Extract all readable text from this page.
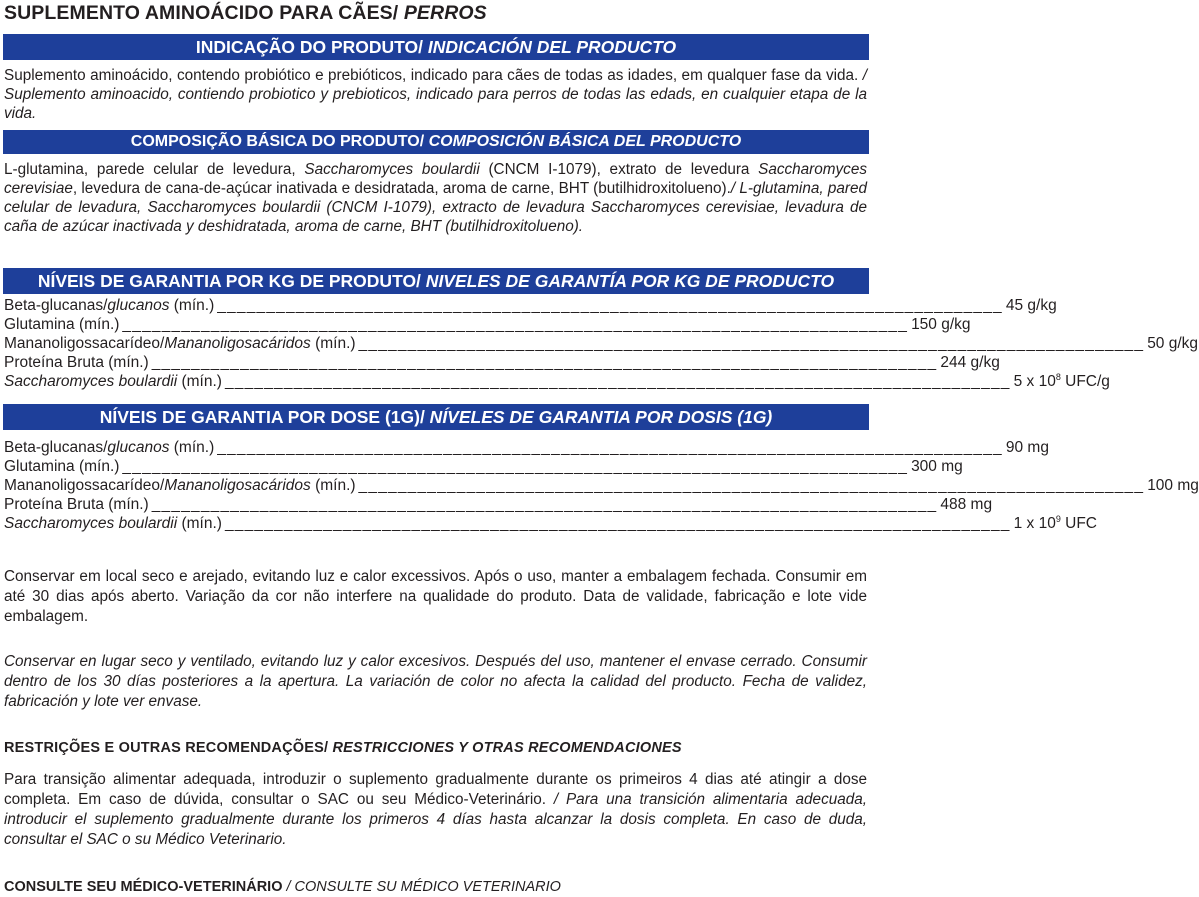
SUPLEMENTO AMINOÁCIDO PARA CÃES/ PERROS
INDICAÇÃO DO PRODUTO/ INDICACIÓN DEL PRODUCTO
Suplemento aminoácido, contendo probiótico e prebióticos, indicado para cães de todas as idades, em qualquer fase da vida. / Suplemento aminoacido, contiendo probiotico y prebioticos, indicado para perros de todas las edads, en cualquier etapa de la vida.
COMPOSIÇÃO BÁSICA DO PRODUTO/ COMPOSICIÓN BÁSICA DEL PRODUCTO
L-glutamina, parede celular de levedura, Saccharomyces boulardii (CNCM I-1079), extrato de levedura Saccharomyces cerevisiae, levedura de cana-de-açúcar inativada e desidratada, aroma de carne, BHT (butilhidroxitolueno)./ L-glutamina, pared celular de levadura, Saccharomyces boulardii (CNCM I-1079), extracto de levadura Saccharomyces cerevisiae, levadura de caña de azúcar inactivada y deshidratada, aroma de carne, BHT (butilhidroxitolueno).
NÍVEIS DE GARANTIA POR KG DE PRODUTO/ NIVELES DE GARANTÍA POR KG DE PRODUCTO
Beta-glucanas/glucanos (mín.) ________________________________________________________________________________ 45 g/kg
Glutamina (mín.) ________________________________________________________________________________ 150 g/kg
Mananoligossacarídeo/Mananoligosacáridos (mín.) ________________________________________________________________________________ 50 g/kg
Proteína Bruta (mín.) ________________________________________________________________________________ 244 g/kg
Saccharomyces boulardii (mín.) ________________________________________________________________________________ 5 x $10^8$ UFC/g
NÍVEIS DE GARANTIA POR DOSE (1G)/ NÍVELES DE GARANTIA POR DOSIS (1G)
Beta-glucanas/glucanos (mín.) ________________________________________________________________________________ 90 mg
Glutamina (mín.) ________________________________________________________________________________ 300 mg
Mananoligossacarídeo/Mananoligosacáridos (mín.) ________________________________________________________________________________ 100 mg
Proteína Bruta (mín.) ________________________________________________________________________________ 488 mg
Saccharomyces boulardii (mín.) ________________________________________________________________________________ 1 x $10^9$ UFC
Conservar em local seco e arejado, evitando luz e calor excessivos. Após o uso, manter a embalagem fechada. Consumir em até 30 dias após aberto. Variação da cor não interfere na qualidade do produto. Data de validade, fabricação e lote vide embalagem.
Conservar en lugar seco y ventilado, evitando luz y calor excesivos. Después del uso, mantener el envase cerrado. Consumir dentro de los 30 días posteriores a la apertura. La variación de color no afecta la calidad del producto. Fecha de validez, fabricación y lote ver envase.
RESTRIÇÕES E OUTRAS RECOMENDAÇÕES/ RESTRICCIONES Y OTRAS RECOMENDACIONES
Para transição alimentar adequada, introduzir o suplemento gradualmente durante os primeiros 4 dias até atingir a dose completa. Em caso de dúvida, consultar o SAC ou seu Médico-Veterinário. / Para una transición alimentaria adecuada, introducir el suplemento gradualmente durante los primeros 4 días hasta alcanzar la dosis completa. En caso de duda, consultar el SAC o su Médico Veterinario.
CONSULTE SEU MÉDICO-VETERINÁRIO / CONSULTE SU MÉDICO VETERINARIO
